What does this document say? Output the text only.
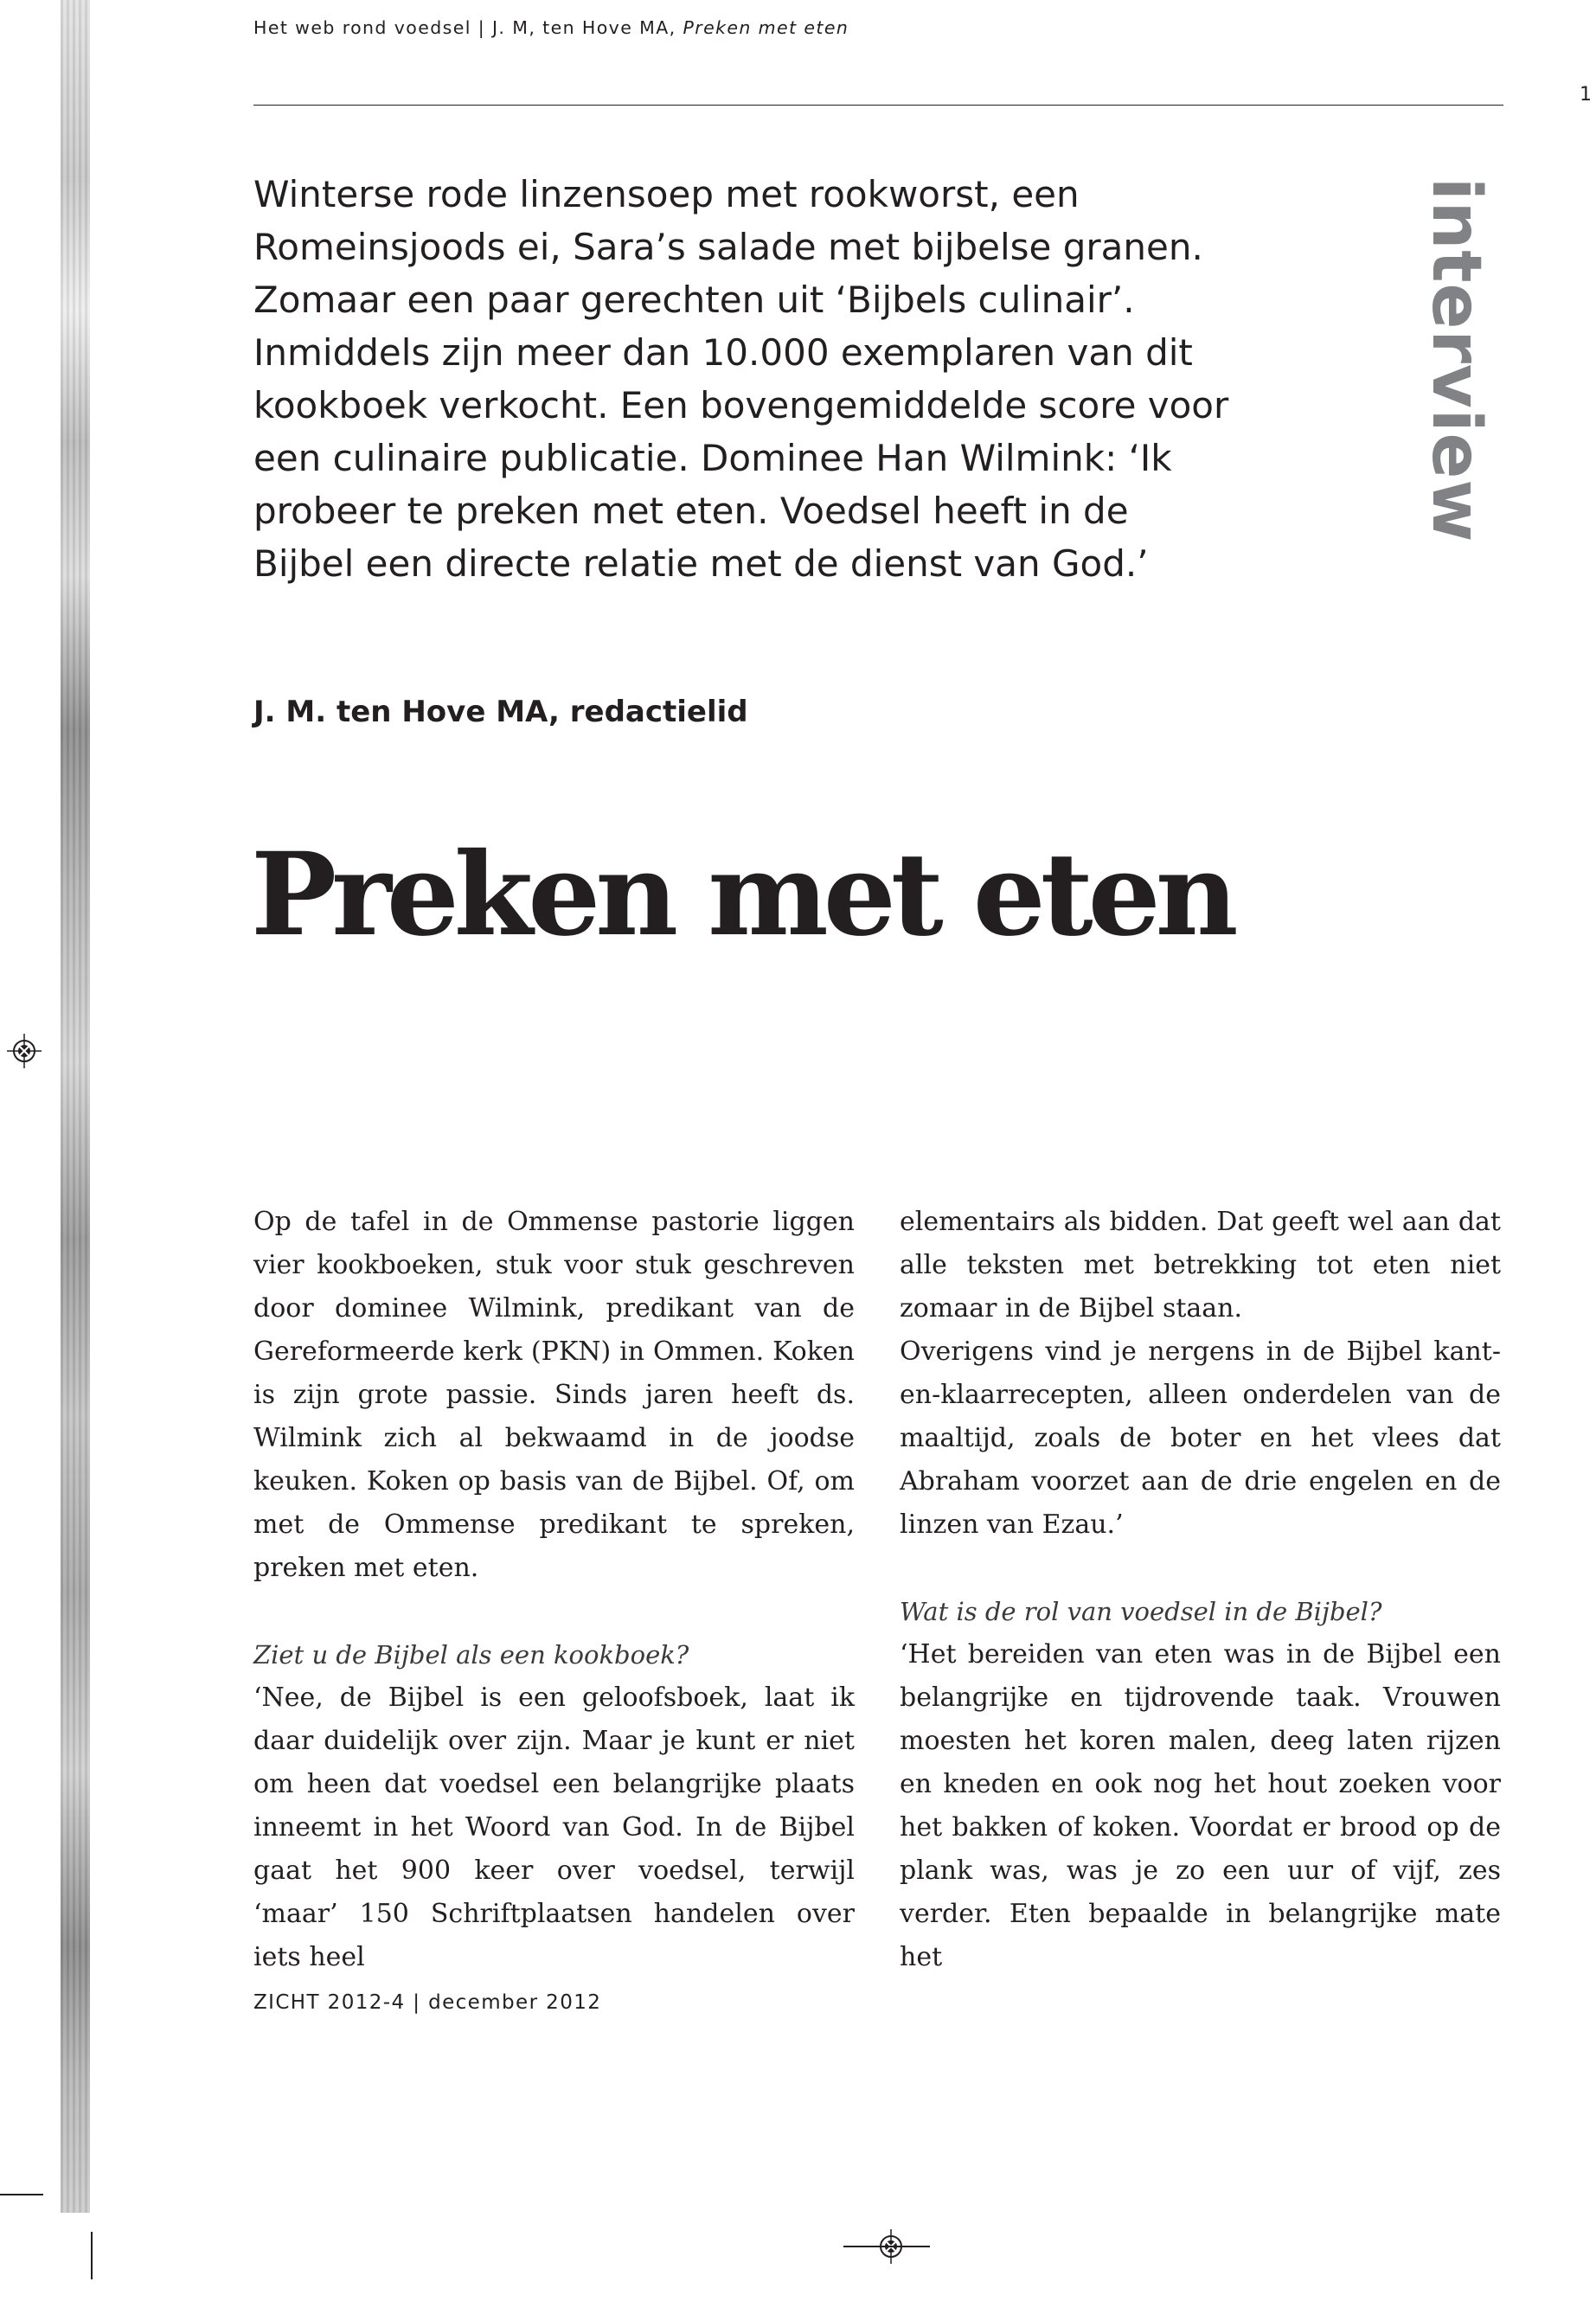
Het web rond voedsel | J. M, ten Hove MA, Preken met eten
1

Winterse rode linzensoep met rookworst, een Romeinsjoods ei, Sara’s salade met bijbelse granen. Zomaar een paar gerechten uit ‘Bijbels culinair’. Inmiddels zijn meer dan 10.000 exemplaren van dit kookboek verkocht. Een bovengemiddelde score voor een culinaire publicatie. Dominee Han Wilmink: ‘Ik probeer te preken met eten. Voedsel heeft in de Bijbel een directe relatie met de dienst van God.’

interview

J. M. ten Hove MA, redactielid

Preken met eten

Op de tafel in de Ommense pastorie liggen vier kookboeken, stuk voor stuk geschreven door dominee Wilmink, predikant van de Gereformeerde kerk (PKN) in Ommen. Koken is zijn grote passie. Sinds jaren heeft ds. Wilmink zich al bekwaamd in de joodse keuken. Koken op basis van de Bijbel. Of, om met de Ommense predikant te spreken, preken met eten.

Ziet u de Bijbel als een kookboek?

‘Nee, de Bijbel is een geloofsboek, laat ik daar duidelijk over zijn. Maar je kunt er niet om heen dat voedsel een belangrijke plaats inneemt in het Woord van God. In de Bijbel gaat het 900 keer over voedsel, terwijl ‘maar’ 150 Schriftplaatsen handelen over iets heel

elementairs als bidden. Dat geeft wel aan dat alle teksten met betrekking tot eten niet zomaar in de Bijbel staan.

Overigens vind je nergens in de Bijbel kant-en-klaarrecepten, alleen onderdelen van de maaltijd, zoals de boter en het vlees dat Abraham voorzet aan de drie engelen en de linzen van Ezau.’

Wat is de rol van voedsel in de Bijbel?

‘Het bereiden van eten was in de Bijbel een belangrijke en tijdrovende taak. Vrouwen moesten het koren malen, deeg laten rijzen en kneden en ook nog het hout zoeken voor het bakken of koken. Voordat er brood op de plank was, was je zo een uur of vijf, zes verder. Eten bepaalde in belangrijke mate het

ZICHT 2012-4 | december 2012
